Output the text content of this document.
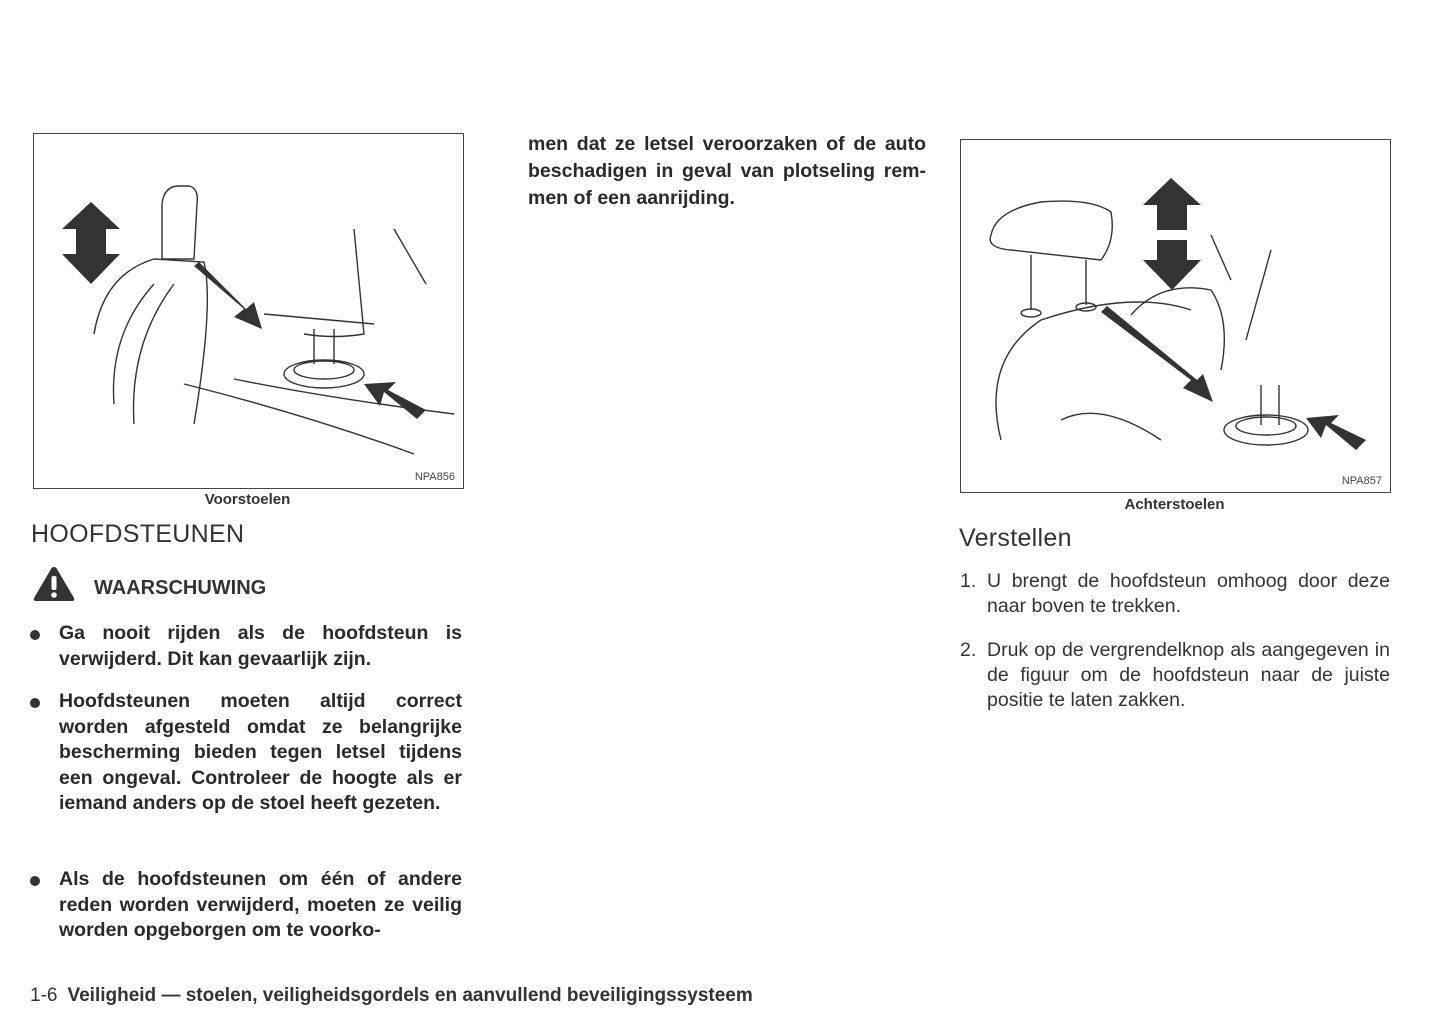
NPA856
Voorstoelen
HOOFDSTEUNEN
WAARSCHUWING
Ga nooit rijden als de hoofdsteun is verwijderd. Dit kan gevaarlijk zijn.
Hoofdsteunen moeten altijd correct worden afgesteld omdat ze belangrijke bescherming bieden tegen letsel tijdens een ongeval. Controleer de hoogte als er iemand anders op de stoel heeft gezeten.
Als de hoofdsteunen om één of andere reden worden verwijderd, moeten ze veilig worden opgeborgen om te voorko-
men dat ze letsel veroorzaken of de auto beschadigen in geval van plotseling remmen of een aanrijding.
NPA857
Achterstoelen
Verstellen
1. U brengt de hoofdsteun omhoog door deze naar boven te trekken.
2. Druk op de vergrendelknop als aangegeven in de figuur om de hoofdsteun naar de juiste positie te laten zakken.
1-6 Veiligheid — stoelen, veiligheidsgordels en aanvullend beveiligingssysteem
